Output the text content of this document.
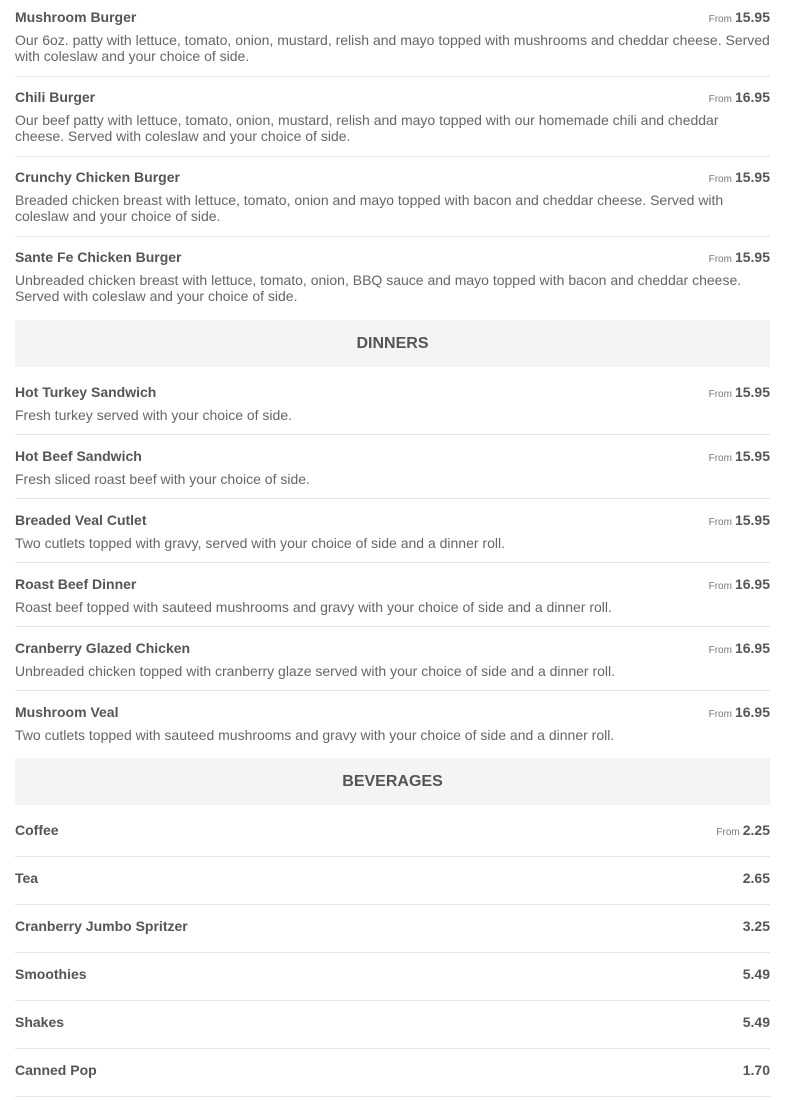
Mushroom Burger	From 15.95
Our 6oz. patty with lettuce, tomato, onion, mustard, relish and mayo topped with mushrooms and cheddar cheese. Served with coleslaw and your choice of side.
Chili Burger	From 16.95
Our beef patty with lettuce, tomato, onion, mustard, relish and mayo topped with our homemade chili and cheddar cheese. Served with coleslaw and your choice of side.
Crunchy Chicken Burger	From 15.95
Breaded chicken breast with lettuce, tomato, onion and mayo topped with bacon and cheddar cheese. Served with coleslaw and your choice of side.
Sante Fe Chicken Burger	From 15.95
Unbreaded chicken breast with lettuce, tomato, onion, BBQ sauce and mayo topped with bacon and cheddar cheese. Served with coleslaw and your choice of side.
DINNERS
Hot Turkey Sandwich	From 15.95
Fresh turkey served with your choice of side.
Hot Beef Sandwich	From 15.95
Fresh sliced roast beef with your choice of side.
Breaded Veal Cutlet	From 15.95
Two cutlets topped with gravy, served with your choice of side and a dinner roll.
Roast Beef Dinner	From 16.95
Roast beef topped with sauteed mushrooms and gravy with your choice of side and a dinner roll.
Cranberry Glazed Chicken	From 16.95
Unbreaded chicken topped with cranberry glaze served with your choice of side and a dinner roll.
Mushroom Veal	From 16.95
Two cutlets topped with sauteed mushrooms and gravy with your choice of side and a dinner roll.
BEVERAGES
Coffee	From 2.25
Tea	2.65
Cranberry Jumbo Spritzer	3.25
Smoothies	5.49
Shakes	5.49
Canned Pop	1.70
